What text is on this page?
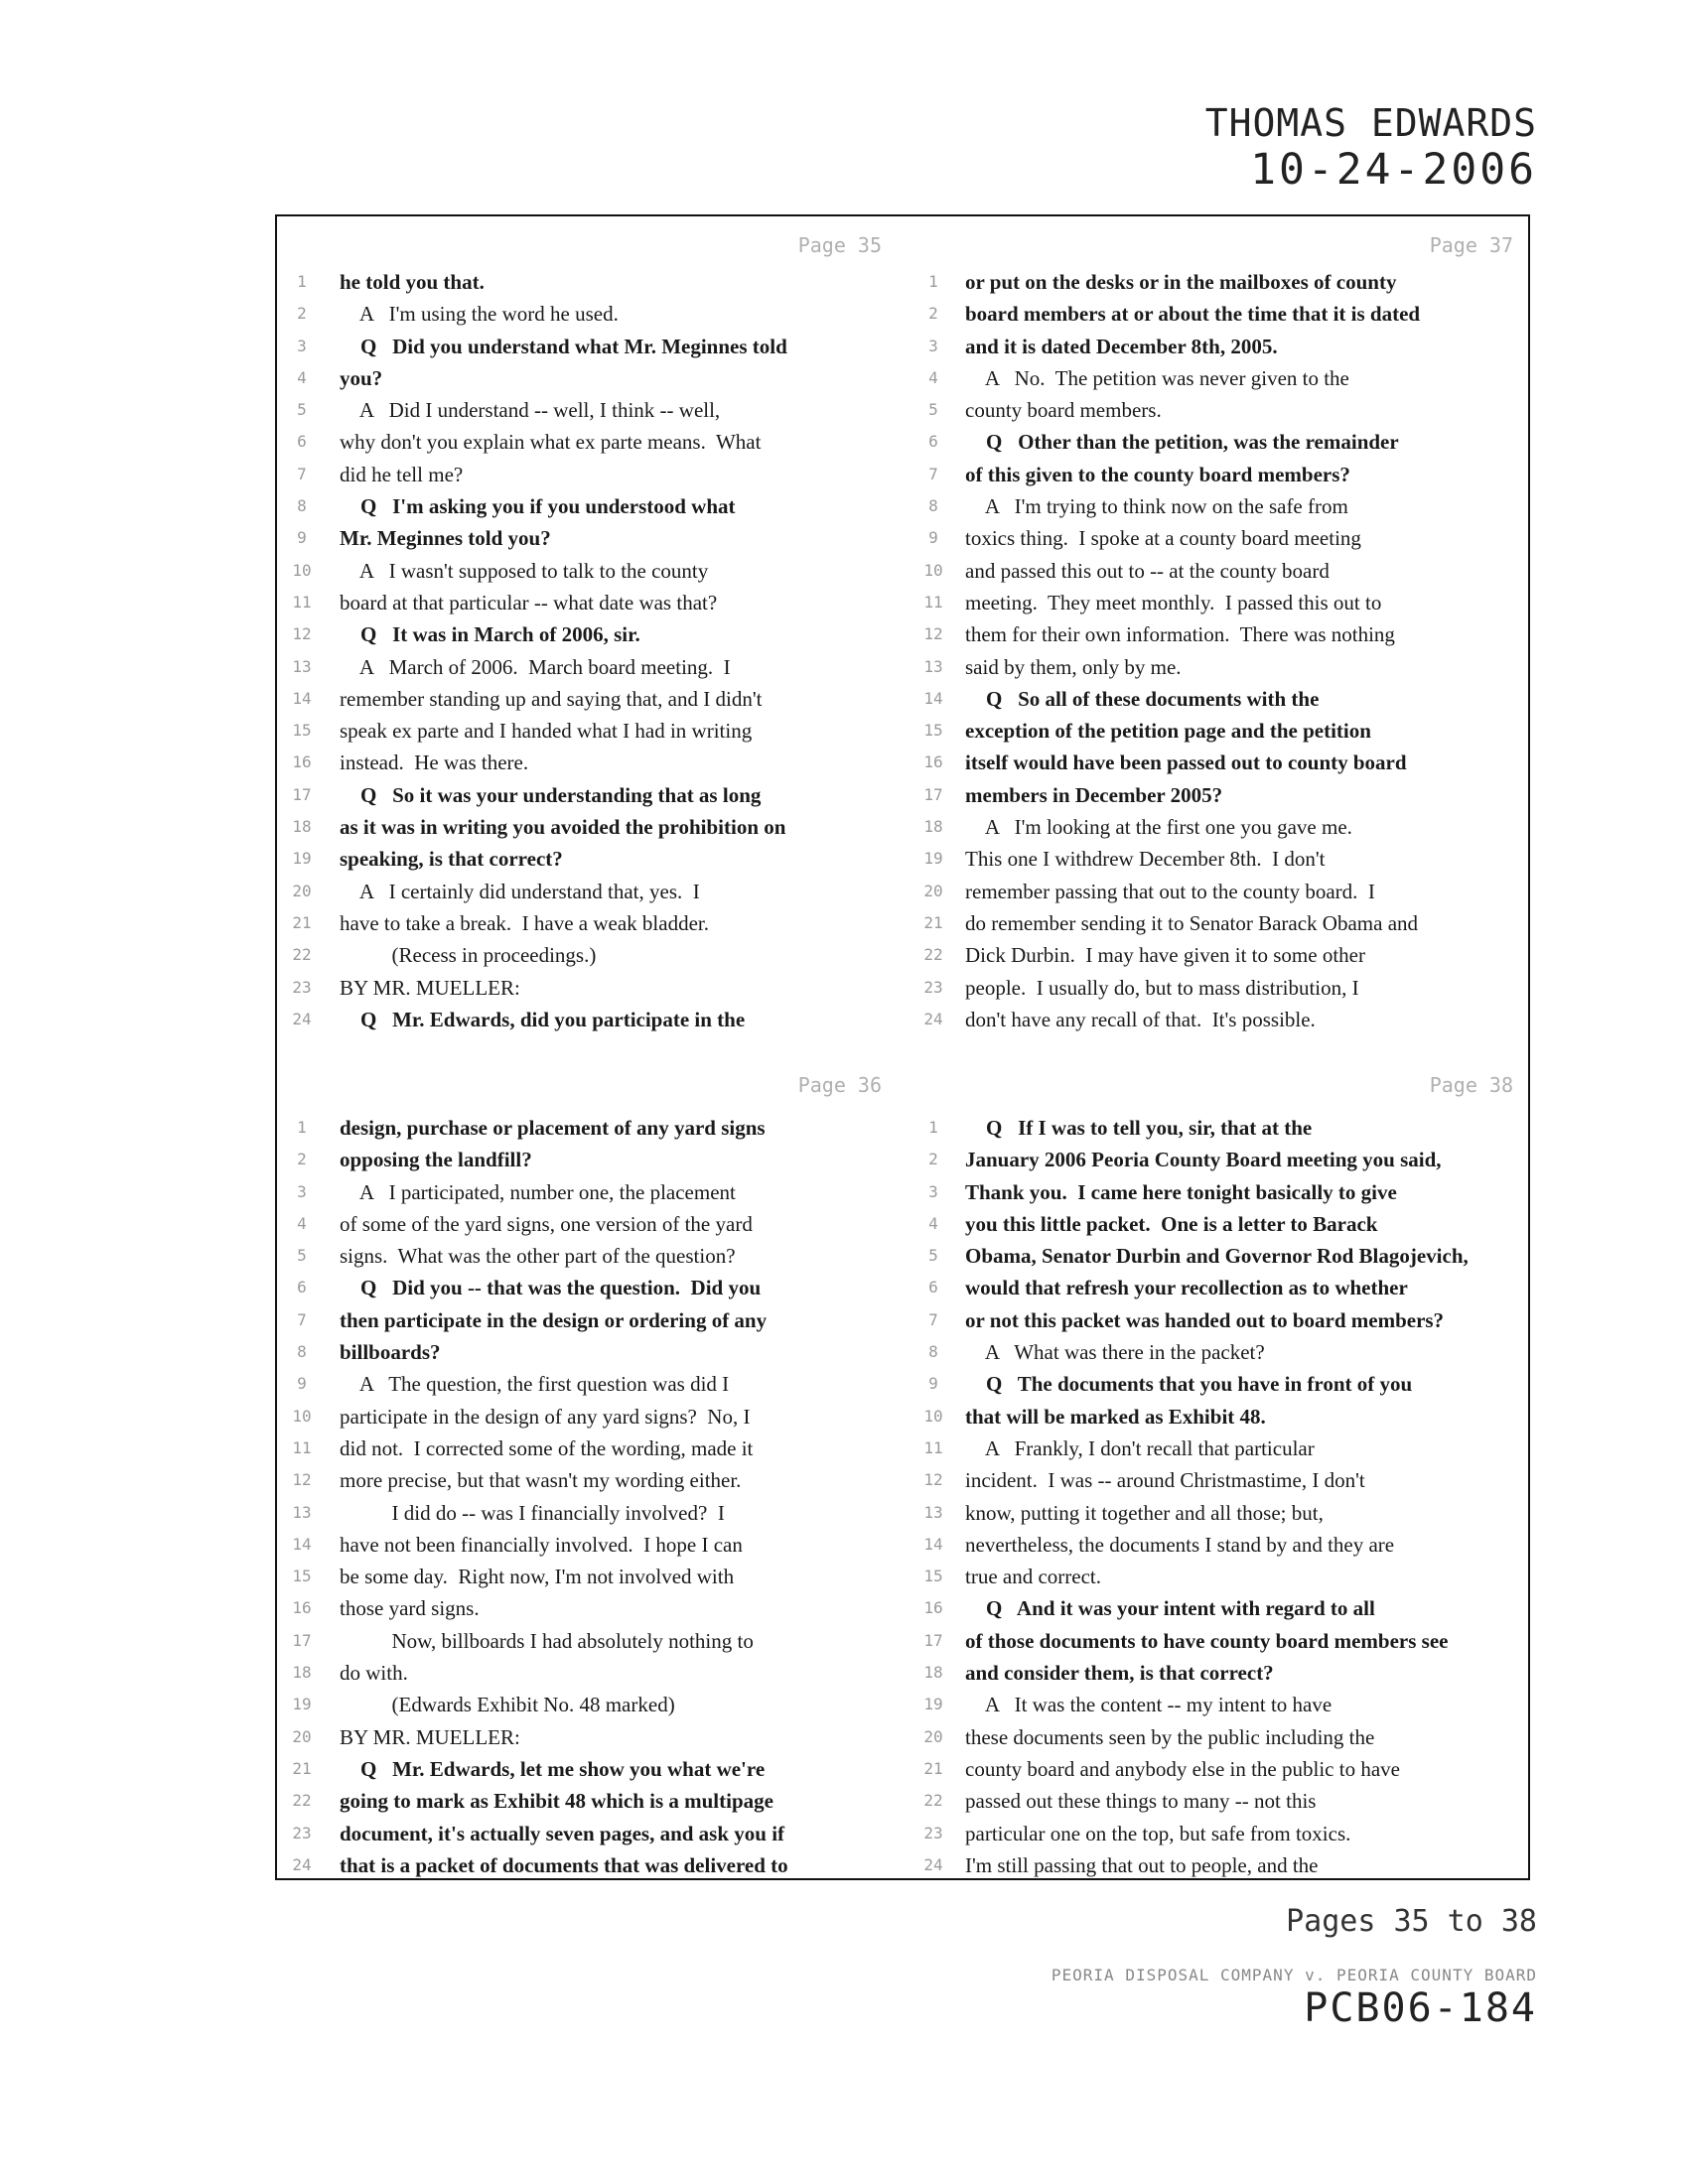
THOMAS EDWARDS
10-24-2006
Page 35
1	he told you that.
2	A   I'm using the word he used.
3	Q   Did you understand what Mr. Meginnes told
4	you?
5	A   Did I understand -- well, I think -- well,
6	why don't you explain what ex parte means.  What
7	did he tell me?
8	Q   I'm asking you if you understood what
9	Mr. Meginnes told you?
10 A   I wasn't supposed to talk to the county
11 board at that particular -- what date was that?
12 Q   It was in March of 2006, sir.
13 A   March of 2006.  March board meeting.  I
14 remember standing up and saying that, and I didn't
15 speak ex parte and I handed what I had in writing
16 instead.  He was there.
17 Q   So it was your understanding that as long
18 as it was in writing you avoided the prohibition on
19 speaking, is that correct?
20 A   I certainly did understand that, yes.  I
21 have to take a break.  I have a weak bladder.
22 (Recess in proceedings.)
23 BY MR. MUELLER:
24 Q   Mr. Edwards, did you participate in the
Page 37
1	or put on the desks or in the mailboxes of county
2	board members at or about the time that it is dated
3	and it is dated December 8th, 2005.
4	A   No.  The petition was never given to the
5	county board members.
6	Q   Other than the petition, was the remainder
7	of this given to the county board members?
8	A   I'm trying to think now on the safe from
9	toxics thing.  I spoke at a county board meeting
10 and passed this out to -- at the county board
11 meeting.  They meet monthly.  I passed this out to
12 them for their own information.  There was nothing
13 said by them, only by me.
14 Q   So all of these documents with the
15 exception of the petition page and the petition
16 itself would have been passed out to county board
17 members in December 2005?
18 A   I'm looking at the first one you gave me.
19 This one I withdrew December 8th.  I don't
20 remember passing that out to the county board.  I
21 do remember sending it to Senator Barack Obama and
22 Dick Durbin.  I may have given it to some other
23 people.  I usually do, but to mass distribution, I
24 don't have any recall of that.  It's possible.
Page 36
1	design, purchase or placement of any yard signs
2	opposing the landfill?
3	A   I participated, number one, the placement
4	of some of the yard signs, one version of the yard
5	signs.  What was the other part of the question?
6	Q   Did you -- that was the question.  Did you
7	then participate in the design or ordering of any
8	billboards?
9	A   The question, the first question was did I
10 participate in the design of any yard signs?  No, I
11 did not.  I corrected some of the wording, made it
12 more precise, but that wasn't my wording either.
13 I did do -- was I financially involved?  I
14 have not been financially involved.  I hope I can
15 be some day.  Right now, I'm not involved with
16 those yard signs.
17 Now, billboards I had absolutely nothing to
18 do with.
19 (Edwards Exhibit No. 48 marked)
20 BY MR. MUELLER:
21 Q   Mr. Edwards, let me show you what we're
22 going to mark as Exhibit 48 which is a multipage
23 document, it's actually seven pages, and ask you if
24 that is a packet of documents that was delivered to
Page 38
1	Q   If I was to tell you, sir, that at the
2	January 2006 Peoria County Board meeting you said,
3	Thank you.  I came here tonight basically to give
4	you this little packet.  One is a letter to Barack
5	Obama, Senator Durbin and Governor Rod Blagojevich,
6	would that refresh your recollection as to whether
7	or not this packet was handed out to board members?
8	A   What was there in the packet?
9	Q   The documents that you have in front of you
10 that will be marked as Exhibit 48.
11 A   Frankly, I don't recall that particular
12 incident.  I was -- around Christmastime, I don't
13 know, putting it together and all those; but,
14 nevertheless, the documents I stand by and they are
15 true and correct.
16 Q   And it was your intent with regard to all
17 of those documents to have county board members see
18 and consider them, is that correct?
19 A   It was the content -- my intent to have
20 these documents seen by the public including the
21 county board and anybody else in the public to have
22 passed out these things to many -- not this
23 particular one on the top, but safe from toxics.
24 I'm still passing that out to people, and the
Pages 35 to 38
PEORIA DISPOSAL COMPANY v. PEORIA COUNTY BOARD
PCB06-184
